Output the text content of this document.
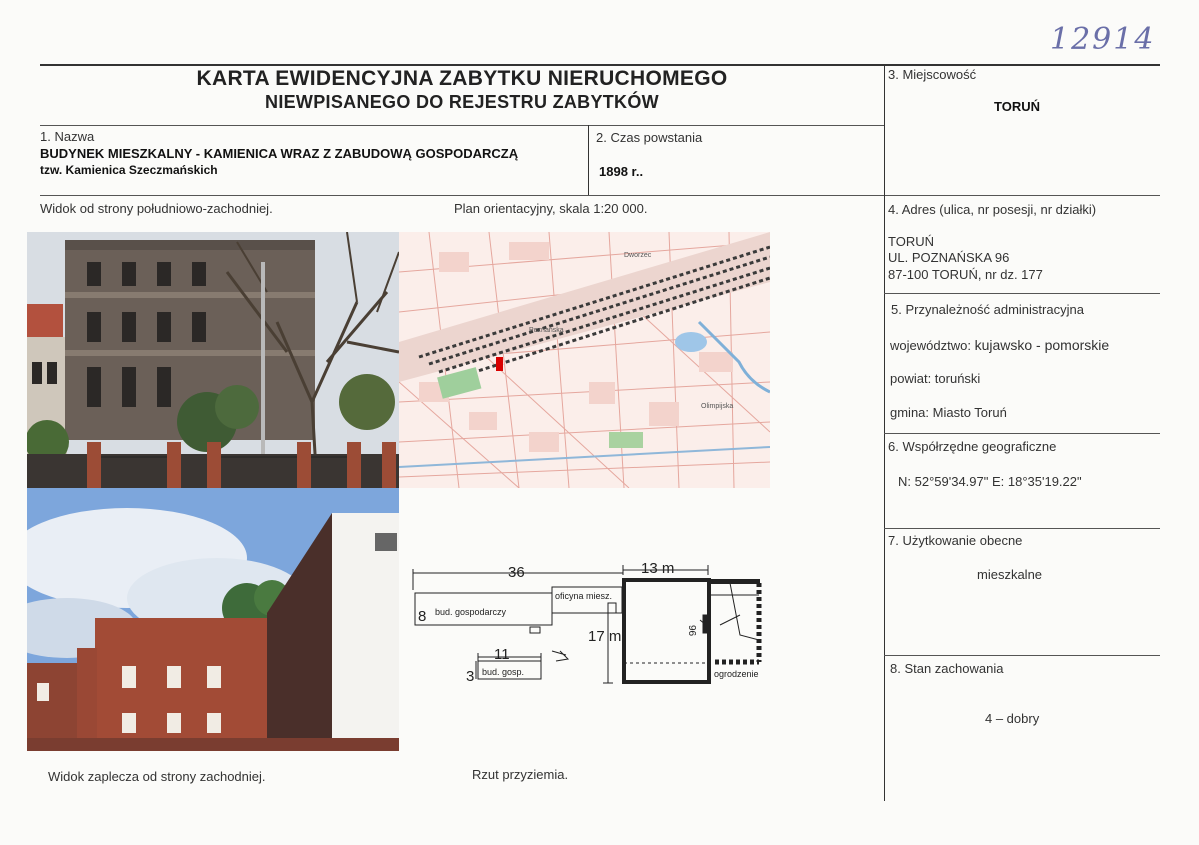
12914
KARTA EWIDENCYJNA ZABYTKU NIERUCHOMEGO
NIEWPISANEGO DO REJESTRU ZABYTKÓW
1. Nazwa
BUDYNEK MIESZKALNY - KAMIENICA WRAZ Z ZABUDOWĄ GOSPODARCZĄ
tzw. Kamienica Szeczmańskich
2. Czas powstania
1898 r..
3. Miejscowość
TORUŃ
4. Adres (ulica, nr posesji, nr działki)
TORUŃ
UL. POZNAŃSKA 96
87-100 TORUŃ, nr dz. 177
5. Przynależność administracyjna
województwo: kujawsko - pomorskie
powiat: toruński
gmina: Miasto Toruń
6. Współrzędne geograficzne
N: 52°59'34.97" E: 18°35'19.22"
7. Użytkowanie obecne
mieszkalne
8. Stan zachowania
4 – dobry
Widok od strony południowo-zachodniej.	Plan orientacyjny, skala 1:20 000.
Widok zaplecza od strony zachodniej.	Rzut przyziemia.
Dworzec
Olimpijska
Poznańska
36	13 m
8 bud. gospodarczy
oficyna miesz.
17 m
11
3 bud. gosp.	ogrodzenie
96
